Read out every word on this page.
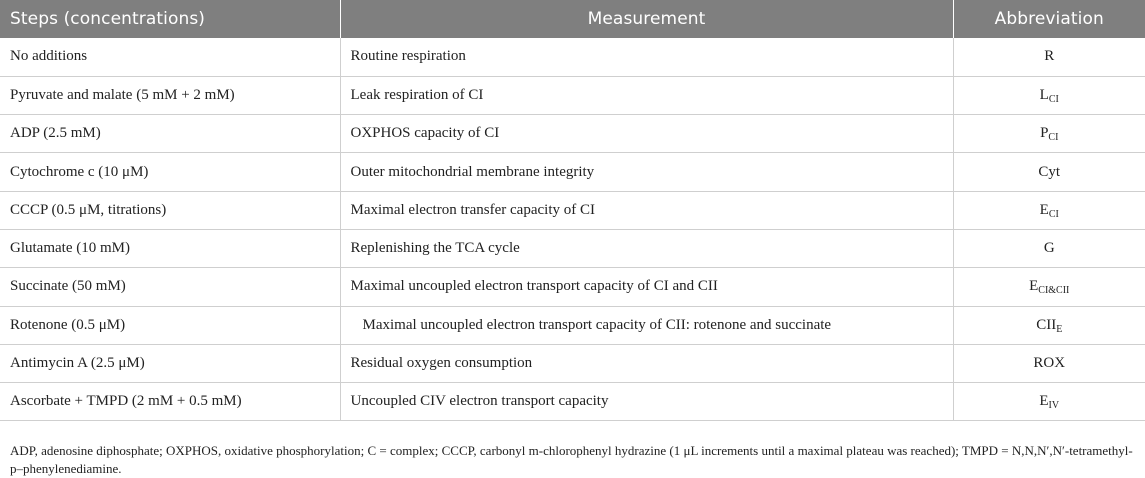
Steps (concentrations)	Measurement	Abbreviation
No additions	Routine respiration	R
Pyruvate and malate (5 mM + 2 mM)	Leak respiration of CI	$L_{CI}$
ADP (2.5 mM)	OXPHOS capacity of CI	$P_{CI}$
Cytochrome c (10 μM)	Outer mitochondrial membrane integrity	Cyt
CCCP (0.5 μM, titrations)	Maximal electron transfer capacity of CI	$E_{CI}$
Glutamate (10 mM)	Replenishing the TCA cycle	G
Succinate (50 mM)	Maximal uncoupled electron transport capacity of CI and CII	$E_{CI\&CII}$
Rotenone (0.5 μM)	Maximal uncoupled electron transport capacity of CII: rotenone and succinate	$CII_E$
Antimycin A (2.5 μM)	Residual oxygen consumption	ROX
Ascorbate + TMPD (2 mM + 0.5 mM)	Uncoupled CIV electron transport capacity	$E_{IV}$

ADP, adenosine diphosphate; OXPHOS, oxidative phosphorylation; C = complex; CCCP, carbonyl m-chlorophenyl hydrazine (1 μL increments until a maximal plateau was reached); TMPD = N,N,N′,N′-tetramethyl-p–phenylenediamine.
